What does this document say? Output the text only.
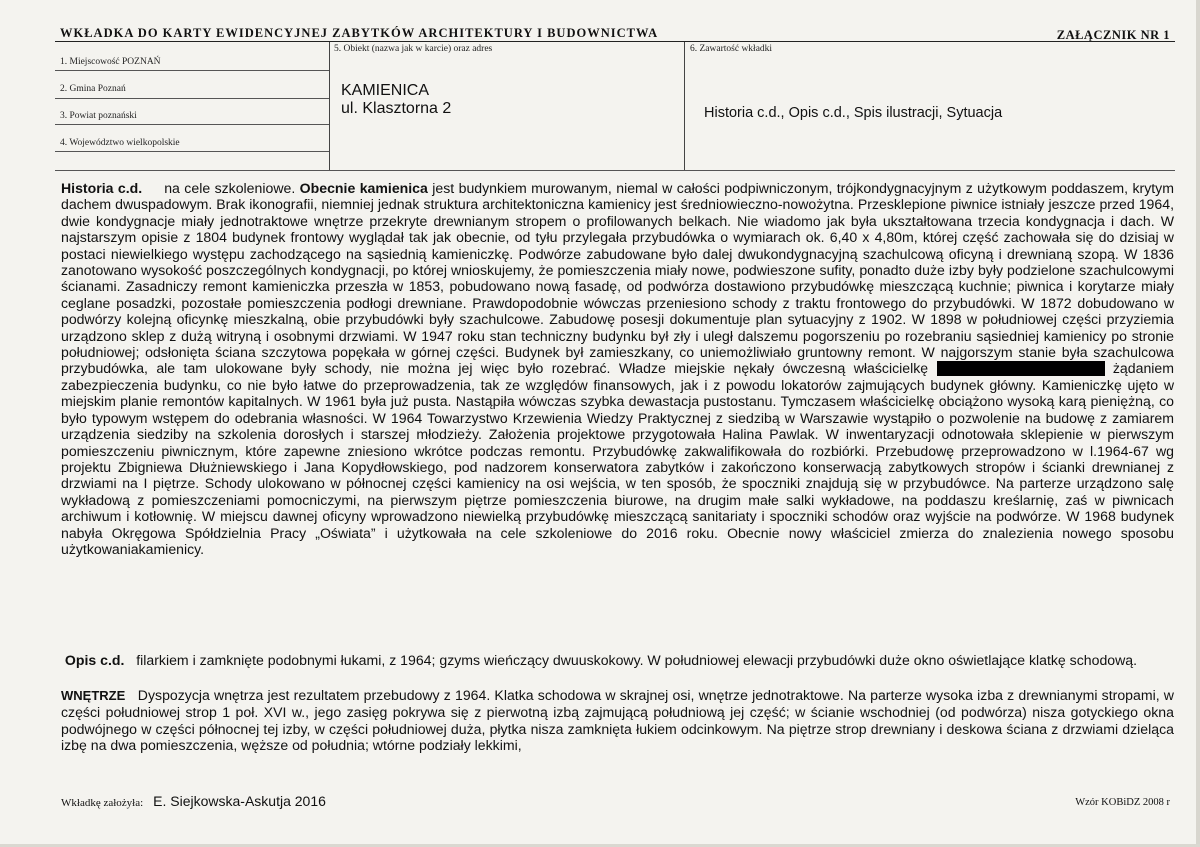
WKŁADKA DO KARTY EWIDENCYJNEJ ZABYTKÓW ARCHITEKTURY I BUDOWNICTWA	ZAŁĄCZNIK NR 1
1. Miejscowość POZNAŃ
2. Gmina Poznań
3. Powiat poznański
4. Województwo wielkopolskie
5. Obiekt (nazwa jak w karcie) oraz adres
KAMIENICA
ul. Klasztorna 2
6. Zawartość wkładki
Historia c.d., Opis c.d., Spis ilustracji, Sytuacja
Historia c.d. na cele szkoleniowe. Obecnie kamienica jest budynkiem murowanym, niemal w całości podpiwniczonym, trójkondygnacyjnym z użytkowym poddaszem, krytym dachem dwuspadowym. Brak ikonografii, niemniej jednak struktura architektoniczna kamienicy jest średniowieczno-nowożytna. Przesklepione piwnice istniały jeszcze przed 1964, dwie kondygnacje miały jednotraktowe wnętrze przekryte drewnianym stropem o profilowanych belkach. Nie wiadomo jak była ukształtowana trzecia kondygnacja i dach. W najstarszym opisie z 1804 budynek frontowy wyglądał tak jak obecnie, od tyłu przylegała przybudówka o wymiarach ok. 6,40 x 4,80m, której część zachowała się do dzisiaj w postaci niewielkiego występu zachodzącego na sąsiednią kamieniczkę. Podwórze zabudowane było dalej dwukondygnacyjną szachulcową oficyną i drewnianą szopą. W 1836 zanotowano wysokość poszczególnych kondygnacji, po której wnioskujemy, że pomieszczenia miały nowe, podwieszone sufity, ponadto duże izby były podzielone szachulcowymi ścianami. Zasadniczy remont kamieniczka przeszła w 1853, pobudowano nową fasadę, od podwórza dostawiono przybudówkę mieszczącą kuchnie; piwnica i korytarze miały ceglane posadzki, pozostałe pomieszczenia podłogi drewniane. Prawdopodobnie wówczas przeniesiono schody z traktu frontowego do przybudówki. W 1872 dobudowano w podwórzy kolejną oficynkę mieszkalną, obie przybudówki były szachulcowe. Zabudowę posesji dokumentuje plan sytuacyjny z 1902. W 1898 w południowej części przyziemia urządzono sklep z dużą witryną i osobnymi drzwiami. W 1947 roku stan techniczny budynku był zły i uległ dalszemu pogorszeniu po rozebraniu sąsiedniej kamienicy po stronie południowej; odsłonięta ściana szczytowa popękała w górnej części. Budynek był zamieszkany, co uniemożliwiało gruntowny remont. W najgorszym stanie była szachulcowa przybudówka, ale tam ulokowane były schody, nie można jej więc było rozebrać. Władze miejskie nękały ówczesną właścicielkę	żądaniem zabezpieczenia budynku, co nie było łatwe do przeprowadzenia, tak ze względów finansowych, jak i z powodu lokatorów zajmujących budynek główny. Kamieniczkę ujęto w miejskim planie remontów kapitalnych. W 1961 była już pusta. Nastąpiła wówczas szybka dewastacja pustostanu. Tymczasem właścicielkę obciążono wysoką karą pieniężną, co było typowym wstępem do odebrania własności. W 1964 Towarzystwo Krzewienia Wiedzy Praktycznej z siedzibą w Warszawie wystąpiło o pozwolenie na budowę z zamiarem urządzenia siedziby na szkolenia dorosłych i starszej młodzieży. Założenia projektowe przygotowała Halina Pawlak. W inwentaryzacji odnotowała sklepienie w pierwszym pomieszczeniu piwnicznym, które zapewne zniesiono wkrótce podczas remontu. Przybudówkę zakwalifikowała do rozbiórki. Przebudowę przeprowadzono w l.1964-67 wg projektu Zbigniewa Dłużniewskiego i Jana Kopydłowskiego, pod nadzorem konserwatora zabytków i zakończono konserwacją zabytkowych stropów i ścianki drewnianej z drzwiami na I piętrze. Schody ulokowano w północnej części kamienicy na osi wejścia, w ten sposób, że spoczniki znajdują się w przybudówce. Na parterze urządzono salę wykładową z pomieszczeniami pomocniczymi, na pierwszym piętrze pomieszczenia biurowe, na drugim małe salki wykładowe, na poddaszu kreślarnię, zaś w piwnicach archiwum i kotłownię. W miejscu dawnej oficyny wprowadzono niewielką przybudówkę mieszczącą sanitariaty i spoczniki schodów oraz wyjście na podwórze. W 1968 budynek nabyła Okręgowa Spółdzielnia Pracy „Oświata” i użytkowała na cele szkoleniowe do 2016 roku. Obecnie nowy właściciel zmierza do znalezienia nowego sposobu użytkowaniakamienicy.
Opis c.d. filarkiem i zamknięte podobnymi łukami, z 1964; gzyms wieńczący dwuuskokowy. W południowej elewacji przybudówki duże okno oświetlające klatkę schodową.
WNĘTRZE Dyspozycja wnętrza jest rezultatem przebudowy z 1964. Klatka schodowa w skrajnej osi, wnętrze jednotraktowe. Na parterze wysoka izba z drewnianymi stropami, w części południowej strop 1 poł. XVI w., jego zasięg pokrywa się z pierwotną izbą zajmującą południową jej część; w ścianie wschodniej (od podwórza) nisza gotyckiego okna podwójnego w części północnej tej izby, w części południowej duża, płytka nisza zamknięta łukiem odcinkowym. Na piętrze strop drewniany i deskowa ściana z drzwiami dzieląca izbę na dwa pomieszczenia, węższe od południa; wtórne podziały lekkimi,
Wkładkę założyła: E. Siejkowska-Askutja 2016	Wzór KOBiDZ 2008 r
